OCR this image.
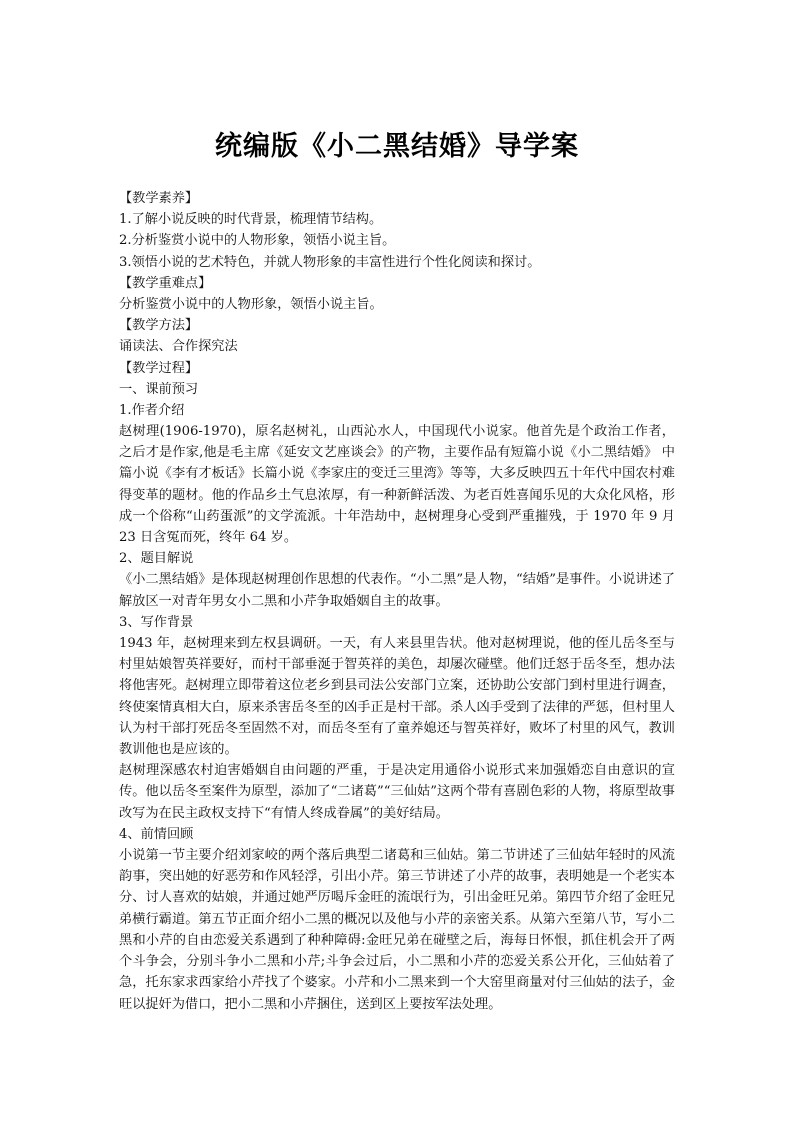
统编版《小二黑结婚》导学案
【教学素养】
1.了解小说反映的时代背景，梳理情节结构。
2.分析鉴赏小说中的人物形象，领悟小说主旨。
3.领悟小说的艺术特色，并就人物形象的丰富性进行个性化阅读和探讨。
【教学重难点】
分析鉴赏小说中的人物形象，领悟小说主旨。
【教学方法】
诵读法、合作探究法
【教学过程】
一、课前预习
1.作者介绍
赵树理(1906-1970)，原名赵树礼，山西沁水人，中国现代小说家。他首先是个政治工作者，之后才是作家,他是毛主席《延安文艺座谈会》的产物，主要作品有短篇小说《小二黑结婚》 中篇小说《李有才板话》长篇小说《李家庄的变迁三里湾》等等，大多反映四五十年代中国农村难得变革的题材。他的作品乡土气息浓厚，有一种新鲜活泼、为老百姓喜闻乐见的大众化风格，形成一个俗称“山药蛋派”的文学流派。十年浩劫中，赵树理身心受到严重摧残，于 1970 年 9 月 23 日含冤而死，终年 64 岁。
2、题目解说
《小二黑结婚》是体现赵树理创作思想的代表作。“小二黑”是人物，“结婚”是事件。小说讲述了解放区一对青年男女小二黑和小芹争取婚姻自主的故事。
3、写作背景
1943 年，赵树理来到左权县调研。一天，有人来县里告状。他对赵树理说，他的侄儿岳冬至与村里姑娘智英祥要好，而村干部垂涎于智英祥的美色，却屡次碰壁。他们迁怒于岳冬至，想办法将他害死。赵树理立即带着这位老乡到县司法公安部门立案，还协助公安部门到村里进行调查，终使案情真相大白，原来杀害岳冬至的凶手正是村干部。杀人凶手受到了法律的严惩，但村里人认为村干部打死岳冬至固然不对，而岳冬至有了童养媳还与智英祥好，败坏了村里的风气，教训教训他也是应该的。
赵树理深感农村迫害婚姻自由问题的严重，于是决定用通俗小说形式来加强婚恋自由意识的宣传。他以岳冬至案件为原型，添加了“二诸葛”“三仙姑”这两个带有喜剧色彩的人物，将原型故事改写为在民主政权支持下“有情人终成眷属”的美好结局。
4、前情回顾
小说第一节主要介绍刘家峧的两个落后典型二诸葛和三仙姑。第二节讲述了三仙姑年轻时的风流韵事，突出她的好恶劳和作风轻浮，引出小芹。第三节讲述了小芹的故事，表明她是一个老实本分、讨人喜欢的姑娘，并通过她严厉喝斥金旺的流氓行为，引出金旺兄弟。第四节介绍了金旺兄弟横行霸道。第五节正面介绍小二黑的概况以及他与小芹的亲密关系。从第六至第八节，写小二黑和小芹的自由恋爱关系遇到了种种障碍:金旺兄弟在碰壁之后，海每日怀恨，抓住机会开了两个斗争会，分别斗争小二黑和小芹;斗争会过后，小二黑和小芹的恋爱关系公开化，三仙姑着了急，托东家求西家给小芹找了个婆家。小芹和小二黑来到一个大窑里商量对付三仙姑的法子，金旺以捉奸为借口，把小二黑和小芹捆住，送到区上要按军法处理。
